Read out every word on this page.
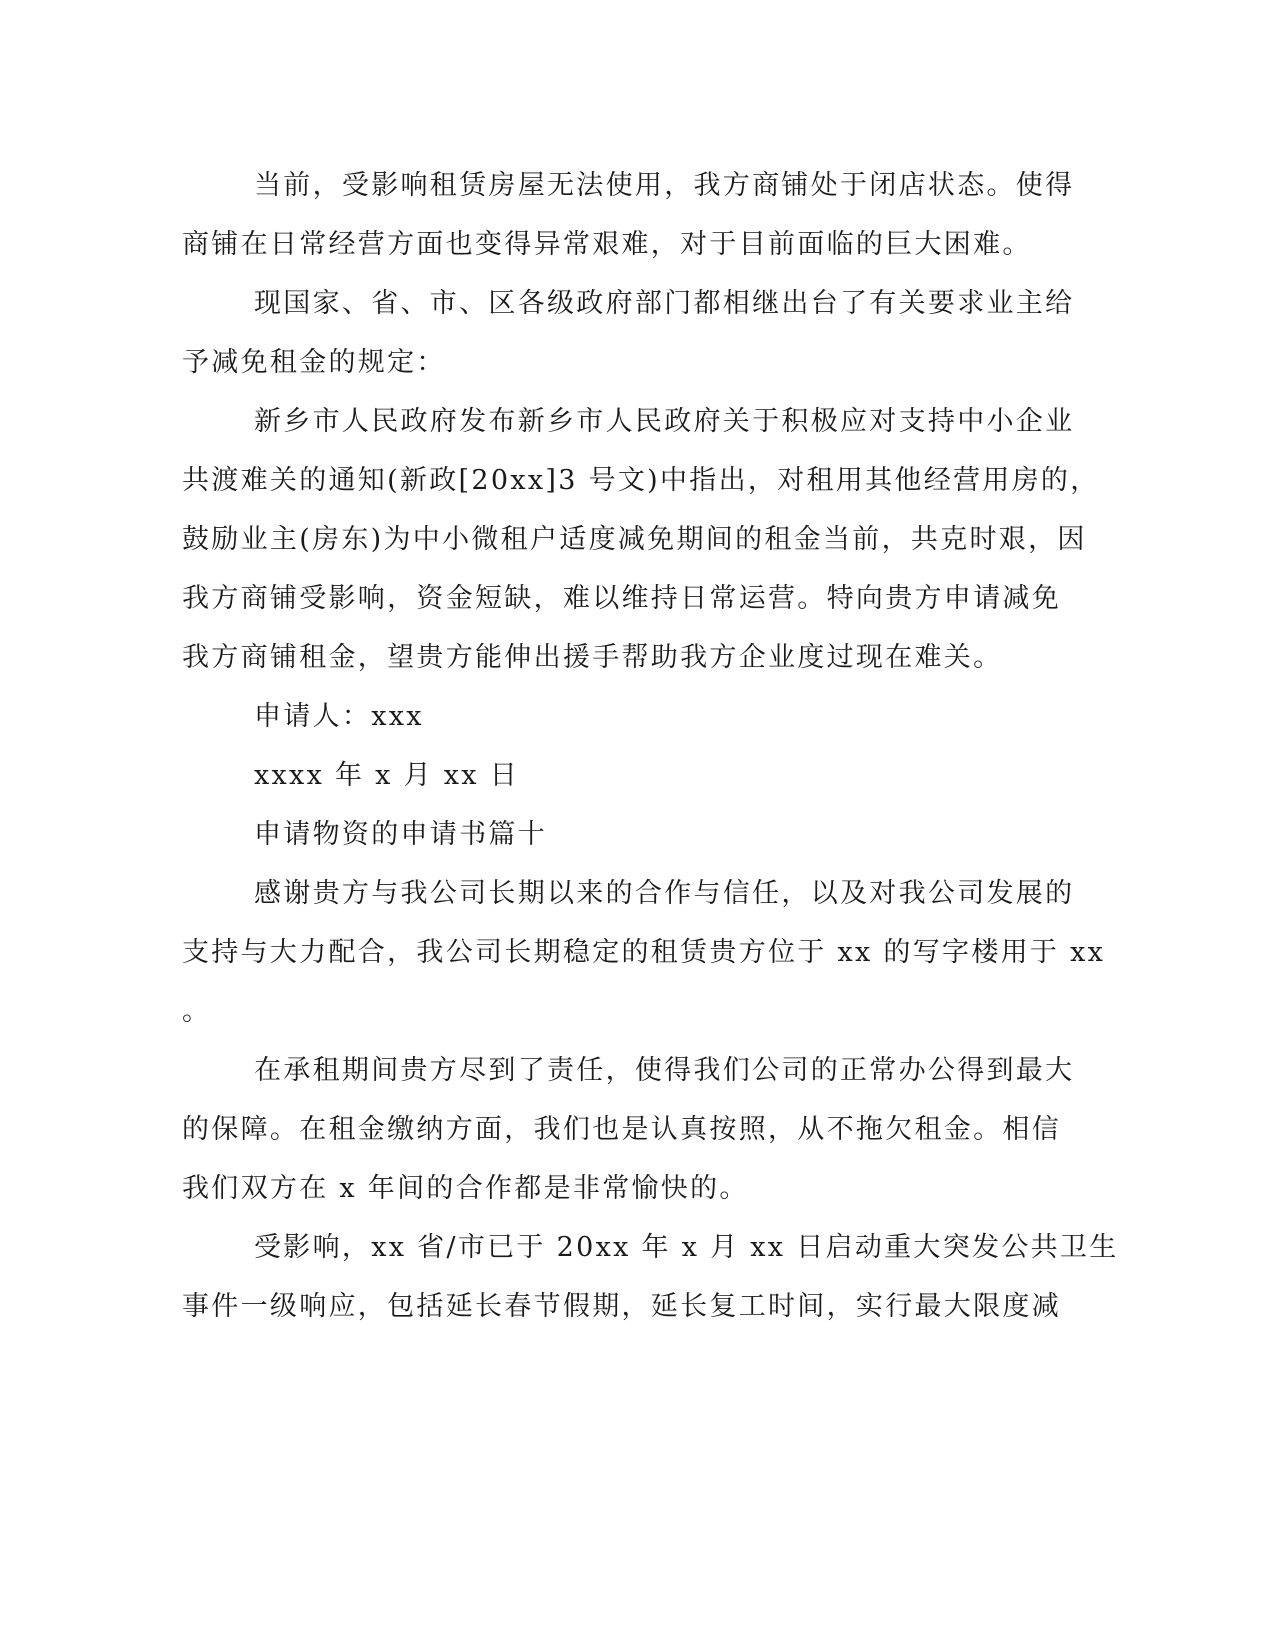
当前，受影响租赁房屋无法使用，我方商铺处于闭店状态。使得
商铺在日常经营方面也变得异常艰难，对于目前面临的巨大困难。
现国家、省、市、区各级政府部门都相继出台了有关要求业主给
予减免租金的规定：
新乡市人民政府发布新乡市人民政府关于积极应对支持中小企业
共渡难关的通知(新政[20xx]3 号文)中指出，对租用其他经营用房的，
鼓励业主(房东)为中小微租户适度减免期间的租金当前，共克时艰，因
我方商铺受影响，资金短缺，难以维持日常运营。特向贵方申请减免
我方商铺租金，望贵方能伸出援手帮助我方企业度过现在难关。
申请人：xxx
xxxx 年 x 月 xx 日
申请物资的申请书篇十
感谢贵方与我公司长期以来的合作与信任，以及对我公司发展的
支持与大力配合，我公司长期稳定的租赁贵方位于 xx 的写字楼用于 xx
。
在承租期间贵方尽到了责任，使得我们公司的正常办公得到最大
的保障。在租金缴纳方面，我们也是认真按照，从不拖欠租金。相信
我们双方在 x 年间的合作都是非常愉快的。
受影响，xx 省/市已于 20xx 年 x 月 xx 日启动重大突发公共卫生
事件一级响应，包括延长春节假期，延长复工时间，实行最大限度减
